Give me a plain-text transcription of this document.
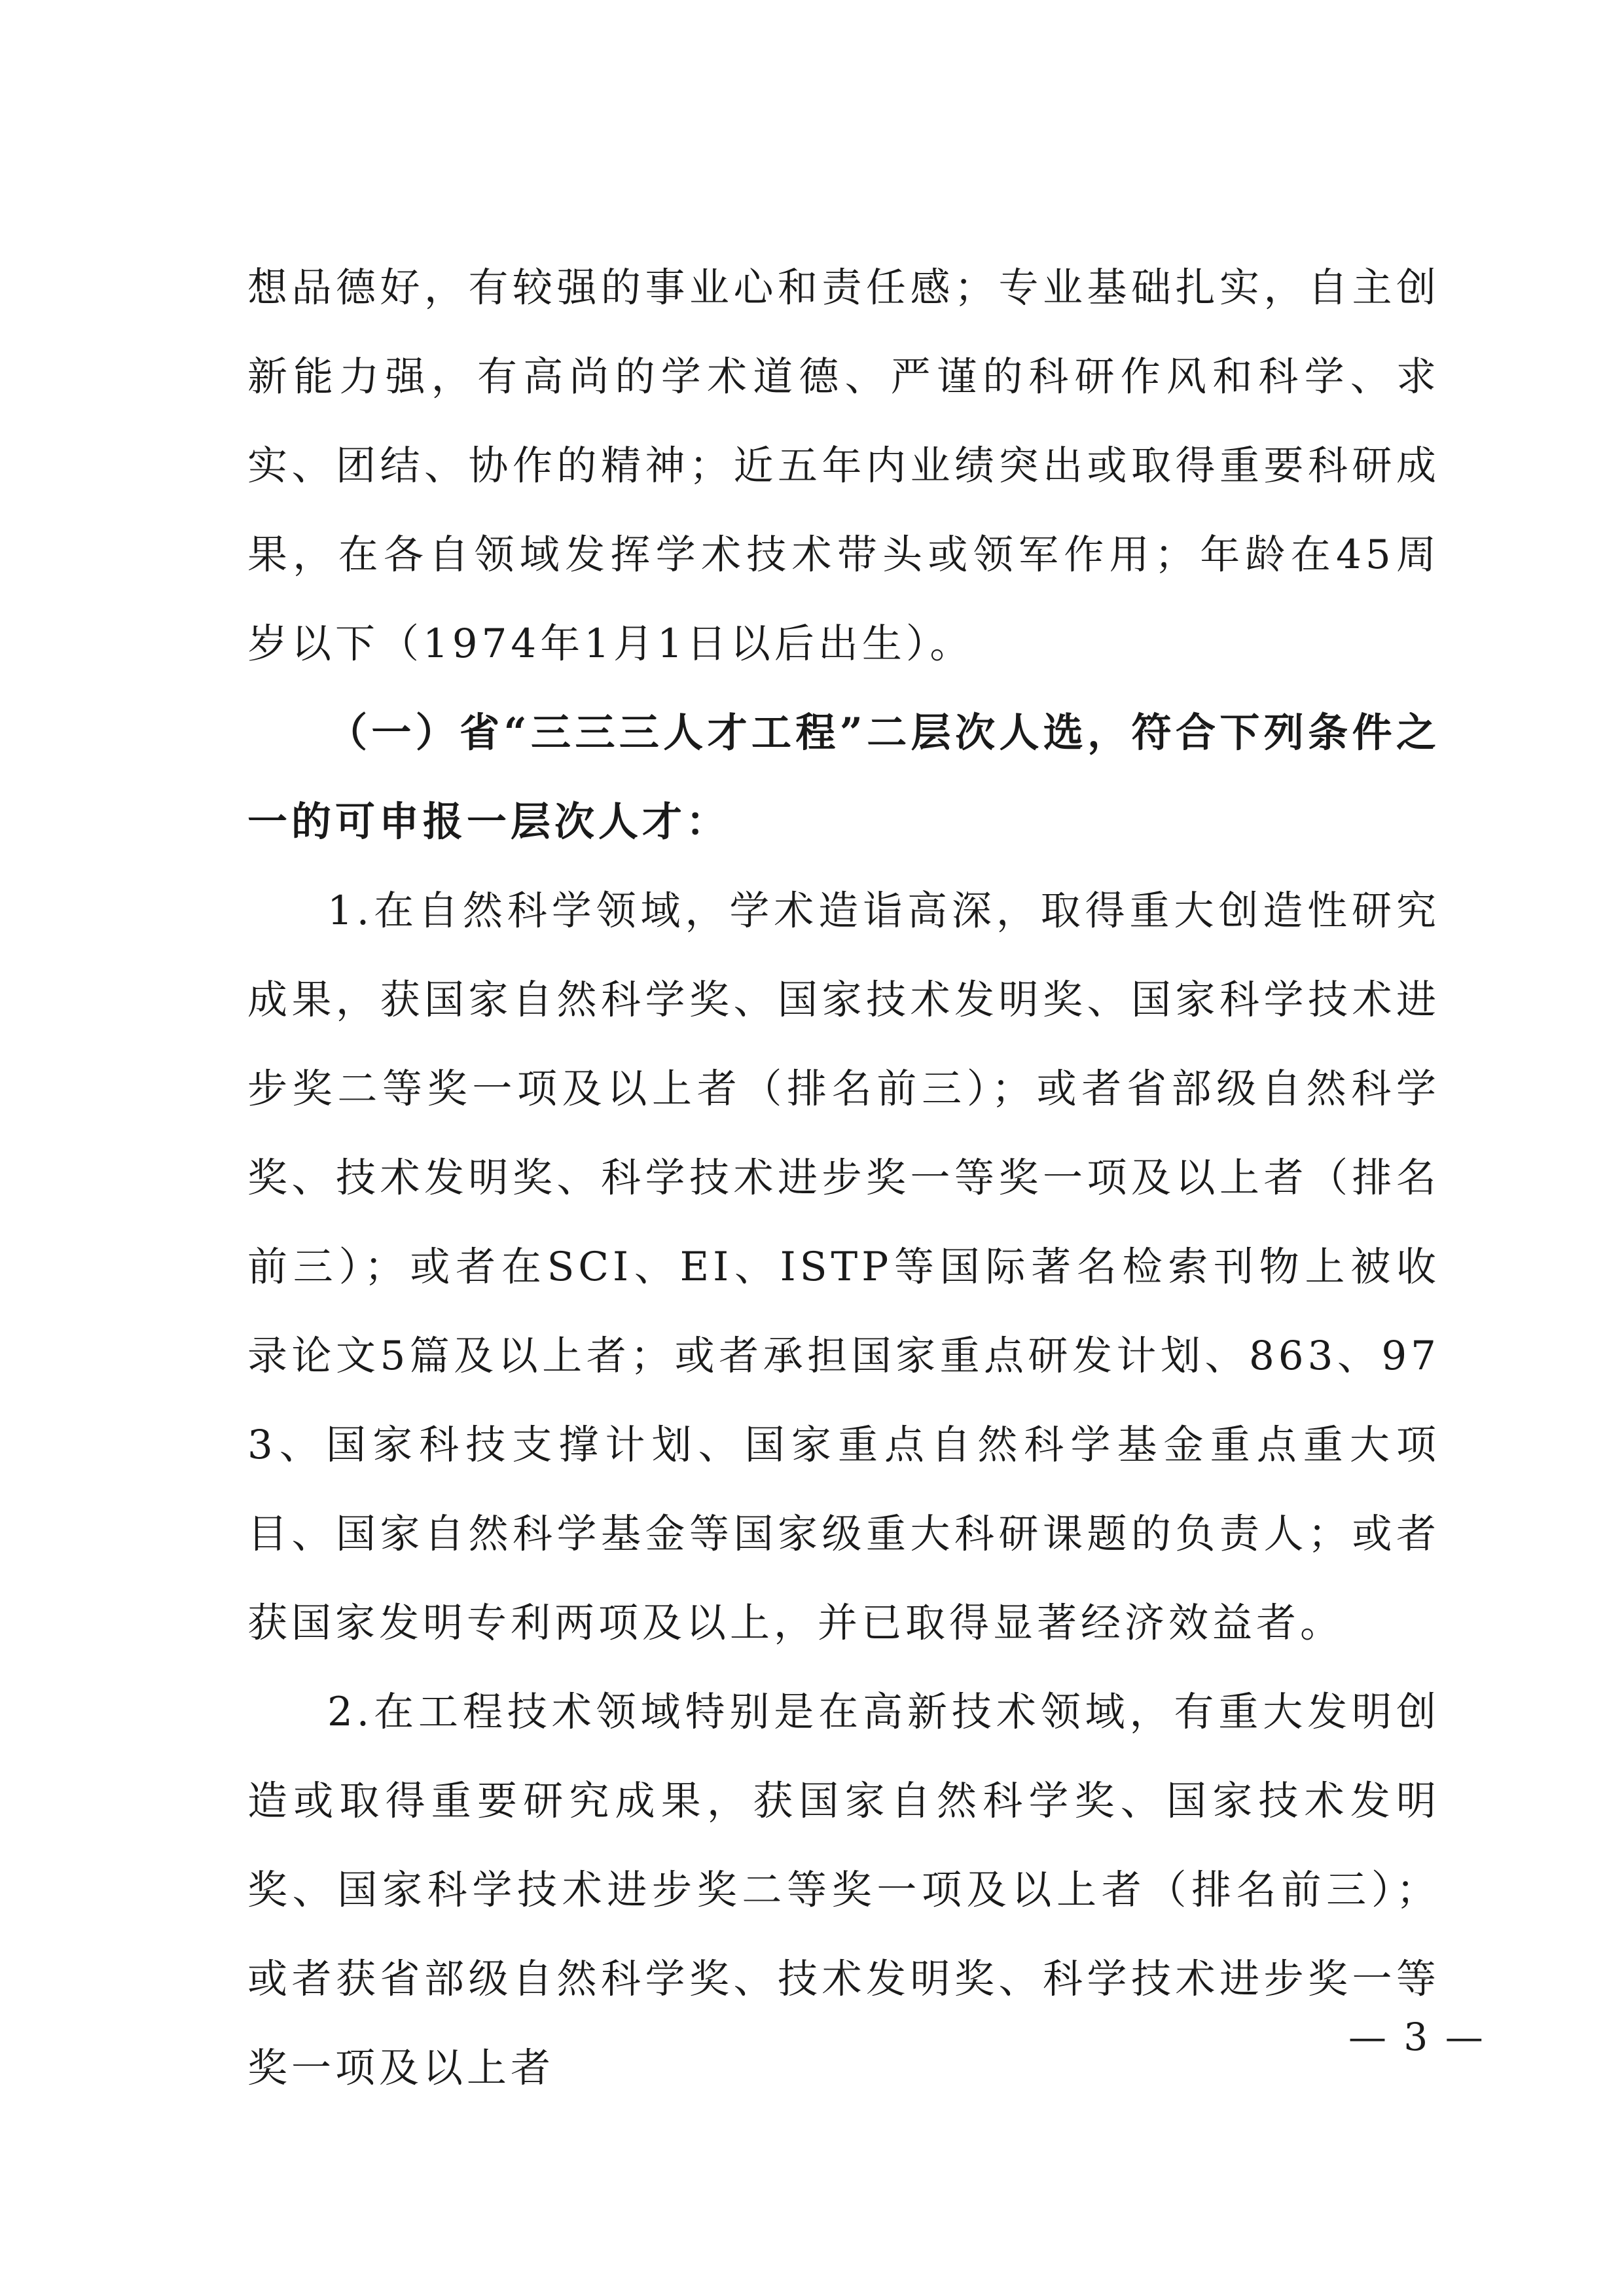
想品德好，有较强的事业心和责任感；专业基础扎实，自主创新能力强，有高尚的学术道德、严谨的科研作风和科学、求实、团结、协作的精神；近五年内业绩突出或取得重要科研成果，在各自领域发挥学术技术带头或领军作用；年龄在45周岁以下（1974年1月1日以后出生）。

（一）省“三三三人才工程”二层次人选，符合下列条件之一的可申报一层次人才：

1.在自然科学领域，学术造诣高深，取得重大创造性研究成果，获国家自然科学奖、国家技术发明奖、国家科学技术进步奖二等奖一项及以上者（排名前三）；或者省部级自然科学奖、技术发明奖、科学技术进步奖一等奖一项及以上者（排名前三）；或者在SCI、EI、ISTP等国际著名检索刊物上被收录论文5篇及以上者；或者承担国家重点研发计划、863、973、国家科技支撑计划、国家重点自然科学基金重点重大项目、国家自然科学基金等国家级重大科研课题的负责人；或者获国家发明专利两项及以上，并已取得显著经济效益者。

2.在工程技术领域特别是在高新技术领域，有重大发明创造或取得重要研究成果，获国家自然科学奖、国家技术发明奖、国家科学技术进步奖二等奖一项及以上者（排名前三）；或者获省部级自然科学奖、技术发明奖、科学技术进步奖一等奖一项及以上者

— 3 —
